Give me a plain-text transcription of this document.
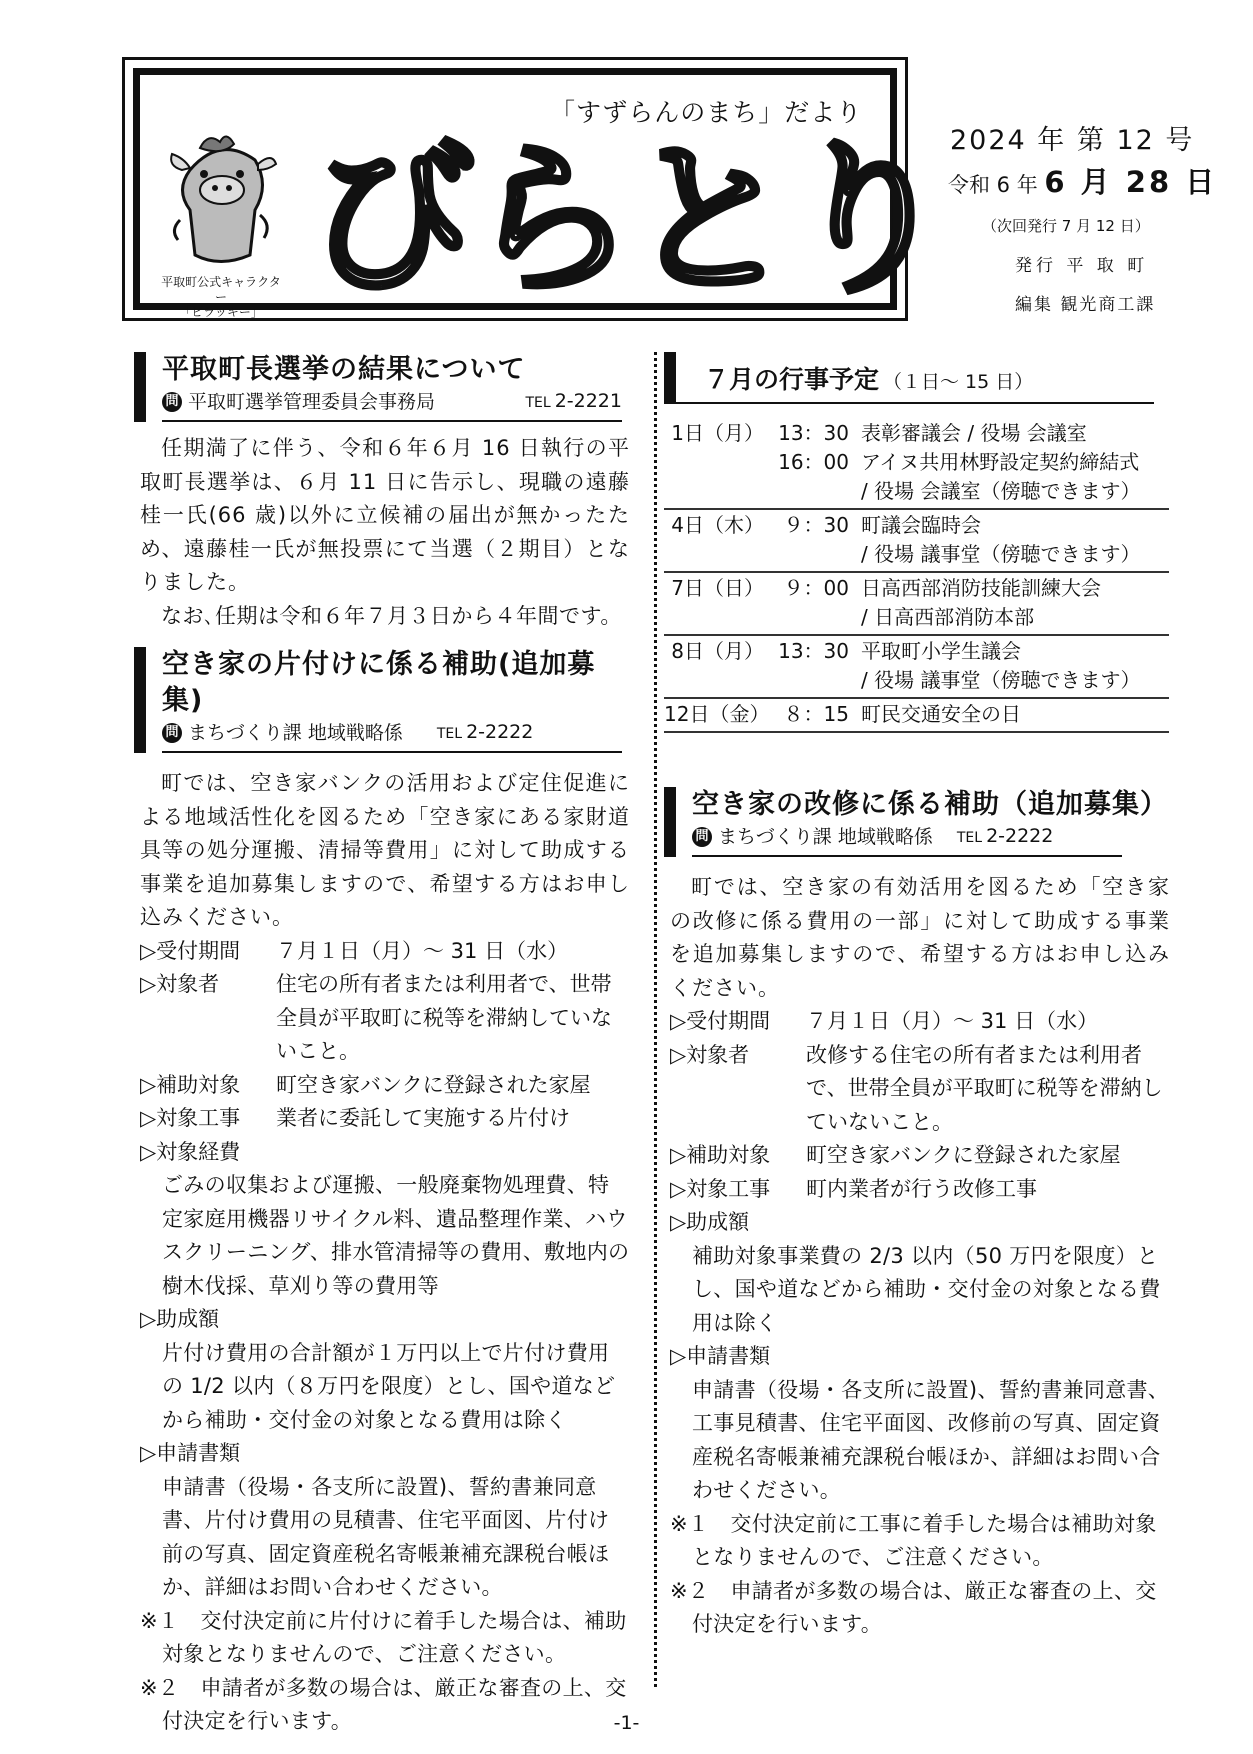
「すずらんのまち」だより
平取町公式キャラクター
「ビラッキー」 びらとり 2024 年 第 12 号
令和 6 年 6 月 28 日
（次回発行 7 月 12 日）
発行 平 取 町
編集 観光商工課
平取町長選挙の結果について
問 平取町選挙管理委員会事務局	TEL 2-2221

任期満了に伴う、令和６年６月 16 日執行の平取町長選挙は、６月 11 日に告示し、現職の遠藤桂一氏(66 歳)以外に立候補の届出が無かったため、遠藤桂一氏が無投票にて当選（２期目）となりました。

なお､任期は令和６年７月３日から４年間です。

空き家の片付けに係る補助(追加募集)
問 まちづくり課 地域戦略係 TEL 2-2222

町では、空き家バンクの活用および定住促進による地域活性化を図るため「空き家にある家財道具等の処分運搬、清掃等費用」に対して助成する事業を追加募集しますので、希望する方はお申し込みください。

▷受付期間	７月１日（月）～ 31 日（水）
▷対象者	住宅の所有者または利用者で、世帯全員が平取町に税等を滞納していないこと。
▷補助対象	町空き家バンクに登録された家屋
▷対象工事	業者に委託して実施する片付け
▷対象経費
ごみの収集および運搬、一般廃棄物処理費、特定家庭用機器リサイクル料、遺品整理作業、ハウスクリーニング、排水管清掃等の費用、敷地内の樹木伐採、草刈り等の費用等
▷助成額
片付け費用の合計額が１万円以上で片付け費用の 1/2 以内（８万円を限度）とし、国や道などから補助・交付金の対象となる費用は除く
▷申請書類
申請書（役場・各支所に設置)、誓約書兼同意書、片付け費用の見積書、住宅平面図、片付け前の写真、固定資産税名寄帳兼補充課税台帳ほか、詳細はお問い合わせください。
※１　交付決定前に片付けに着手した場合は、補助対象となりませんので、ご注意ください。
※２　申請者が多数の場合は、厳正な審査の上、交付決定を行います。
７月の行事予定 （１日～ 15 日）
1日（月） 13：30 表彰審議会 / 役場 会議室
16：00 アイヌ共用林野設定契約締結式
/ 役場 会議室（傍聴できます）
4日（木） ９：30 町議会臨時会
/ 役場 議事堂（傍聴できます）
7日（日） ９：00 日高西部消防技能訓練大会
/ 日高西部消防本部
8日（月） 13：30 平取町小学生議会
/ 役場 議事堂（傍聴できます）
12日（金） ８：15 町民交通安全の日
空き家の改修に係る補助（追加募集）
問 まちづくり課 地域戦略係 TEL 2-2222

町では、空き家の有効活用を図るため「空き家の改修に係る費用の一部」に対して助成する事業を追加募集しますので、希望する方はお申し込みください。

▷受付期間	７月１日（月）～ 31 日（水）
▷対象者	改修する住宅の所有者または利用者で、世帯全員が平取町に税等を滞納していないこと。
▷補助対象	町空き家バンクに登録された家屋
▷対象工事	町内業者が行う改修工事
▷助成額
補助対象事業費の 2/3 以内（50 万円を限度）とし、国や道などから補助・交付金の対象となる費用は除く
▷申請書類
申請書（役場・各支所に設置)、誓約書兼同意書、工事見積書、住宅平面図、改修前の写真、固定資産税名寄帳兼補充課税台帳ほか、詳細はお問い合わせください。
※１　交付決定前に工事に着手した場合は補助対象となりませんので、ご注意ください。
※２　申請者が多数の場合は、厳正な審査の上、交付決定を行います。
-1-
